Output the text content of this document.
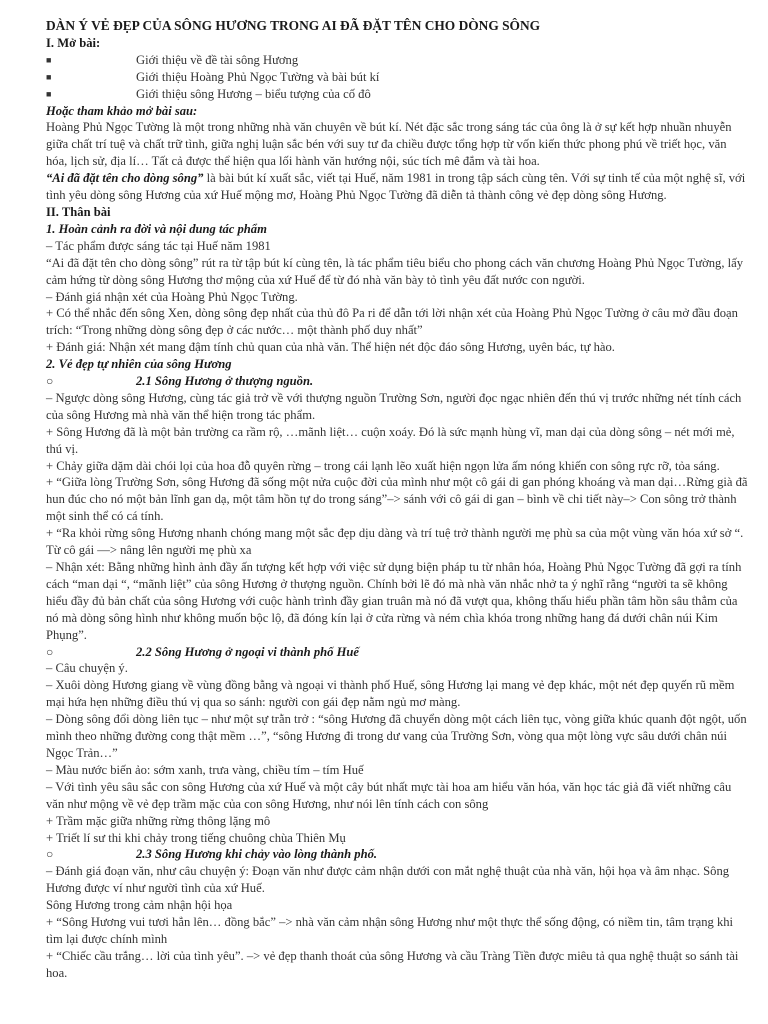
DÀN Ý VẺ ĐẸP CỦA SÔNG HƯƠNG TRONG AI ĐÃ ĐẶT TÊN CHO DÒNG SÔNG
I. Mở bài:
■	Giới thiệu về đề tài sông Hương
■	Giới thiệu Hoàng Phủ Ngọc Tường và bài bút kí
■	Giới thiệu sông Hương – biểu tượng của cố đô
Hoặc tham khảo mở bài sau:

Hoàng Phủ Ngọc Tường là một trong những nhà văn chuyên về bút kí. Nét đặc sắc trong sáng tác của ông là ở sự kết hợp nhuần nhuyễn giữa chất trí tuệ và chất trữ tình, giữa nghị luận sắc bén với suy tư đa chiều được tổng hợp từ vốn kiến thức phong phú về triết học, văn hóa, lịch sử, địa lí… Tất cả được thể hiện qua lối hành văn hướng nội, súc tích mê đắm và tài hoa.

“Ai đã đặt tên cho dòng sông” là bài bút kí xuất sắc, viết tại Huế, năm 1981 in trong tập sách cùng tên. Với sự tinh tế của một nghệ sĩ, với tình yêu dòng sông Hương của xứ Huế mộng mơ, Hoàng Phủ Ngọc Tường đã diễn tả thành công vẻ đẹp dòng sông Hương.

II. Thân bài
1. Hoàn cảnh ra đời và nội dung tác phẩm

– Tác phẩm được sáng tác tại Huế năm 1981

“Ai đã đặt tên cho dòng sông” rút ra từ tập bút kí cùng tên, là tác phẩm tiêu biểu cho phong cách văn chương Hoàng Phủ Ngọc Tường, lấy cảm hứng từ dòng sông Hương thơ mộng của xứ Huế để từ đó nhà văn bày tỏ tình yêu đất nước con người.

– Đánh giá nhận xét của Hoàng Phủ Ngọc Tường.

+ Có thể nhắc đến sông Xen, dòng sông đẹp nhất của thủ đô Pa ri để dẫn tới lời nhận xét của Hoàng Phủ Ngọc Tường ở câu mở đầu đoạn trích: “Trong những dòng sông đẹp ở các nước… một thành phố duy nhất”

+ Đánh giá: Nhận xét mang đậm tính chủ quan của nhà văn. Thể hiện nét độc đáo sông Hương, uyên bác, tự hào.

2. Vẻ đẹp tự nhiên của sông Hương
○	2.1 Sông Hương ở thượng nguồn.

– Ngược dòng sông Hương, cùng tác giả trở về với thượng nguồn Trường Sơn, người đọc ngạc nhiên đến thú vị trước những nét tính cách của sông Hương mà nhà văn thể hiện trong tác phẩm.

+ Sông Hương đã là một bản trường ca rầm rộ, …mãnh liệt… cuộn xoáy. Đó là sức mạnh hùng vĩ, man dại của dòng sông – nét mới mẻ, thú vị.

+ Chảy giữa dặm dài chói lọi của hoa đỗ quyên rừng – trong cái lạnh lẽo xuất hiện ngọn lửa ấm nóng khiến con sông rực rỡ, tỏa sáng.

+ “Giữa lòng Trường Sơn, sông Hương đã sống một nửa cuộc đời của mình như một cô gái di gan phóng khoáng và man dại…Rừng già đã hun đúc cho nó một bản lĩnh gan dạ, một tâm hồn tự do trong sáng”–> sánh với cô gái di gan – bình về chi tiết này–> Con sông trở thành một sinh thể có cá tính.

+ “Ra khỏi rừng sông Hương nhanh chóng mang một sắc đẹp dịu dàng và trí tuệ trở thành người mẹ phù sa của một vùng văn hóa xứ sở “. Từ cô gái —> nâng lên người mẹ phù xa

– Nhận xét: Bằng những hình ảnh đầy ấn tượng kết hợp với việc sử dụng biện pháp tu từ nhân hóa, Hoàng Phủ Ngọc Tường đã gợi ra tính cách “man dại “, “mãnh liệt” của sông Hương ở thượng nguồn. Chính bởi lẽ đó mà nhà văn nhắc nhở ta ý nghĩ rằng “người ta sẽ không hiểu đầy đủ bản chất của sông Hương với cuộc hành trình đầy gian truân mà nó đã vượt qua, không thấu hiểu phần tâm hồn sâu thẳm của nó mà dòng sông hình như không muốn bộc lộ, đã đóng kín lại ở cửa rừng và ném chìa khóa trong những hang đá dưới chân núi Kim Phụng”.

○	2.2 Sông Hương ở ngoại vi thành phố Huế

– Câu chuyện ý.

– Xuôi dòng Hương giang về vùng đồng bằng và ngoại vi thành phố Huế, sông Hương lại mang vẻ đẹp khác, một nét đẹp quyến rũ mềm mại hứa hẹn những điều thú vị qua so sánh: người con gái đẹp nằm ngủ mơ màng.

– Dòng sông đổi dòng liên tục – như một sự trằn trở : “sông Hương đã chuyển dòng một cách liên tục, vòng giữa khúc quanh đột ngột, uốn mình theo những đường cong thật mềm …”, “sông Hương đi trong dư vang của Trường Sơn, vòng qua một lòng vực sâu dưới chân núi Ngọc Trản…”

– Màu nước biến ảo: sớm xanh, trưa vàng, chiều tím – tím Huế

– Với tình yêu sâu sắc con sông Hương của xứ Huế và một cây bút nhất mực tài hoa am hiểu văn hóa, văn học tác giả đã viết những câu văn như mộng về vẻ đẹp trầm mặc của con sông Hương, như nói lên tính cách con sông

+ Trầm mặc giữa những rừng thông lặng mô

+ Triết lí sư thi khi chảy trong tiếng chuông chùa Thiên Mụ

○	2.3 Sông Hương khi chảy vào lòng thành phố.

– Đánh giá đoạn văn, như câu chuyện ý: Đoạn văn như được cảm nhận dưới con mắt nghệ thuật của nhà văn, hội họa và âm nhạc. Sông Hương được ví như người tình của xứ Huế.

Sông Hương trong cảm nhận hội họa

+ “Sông Hương vui tươi hẳn lên… đồng bắc” –> nhà văn cảm nhận sông Hương như một thực thể sống động, có niềm tin, tâm trạng khi tìm lại được chính mình

+ “Chiếc cầu trắng… lời của tình yêu”. –> vẻ đẹp thanh thoát của sông Hương và cầu Tràng Tiền được miêu tả qua nghệ thuật so sánh tài hoa.
